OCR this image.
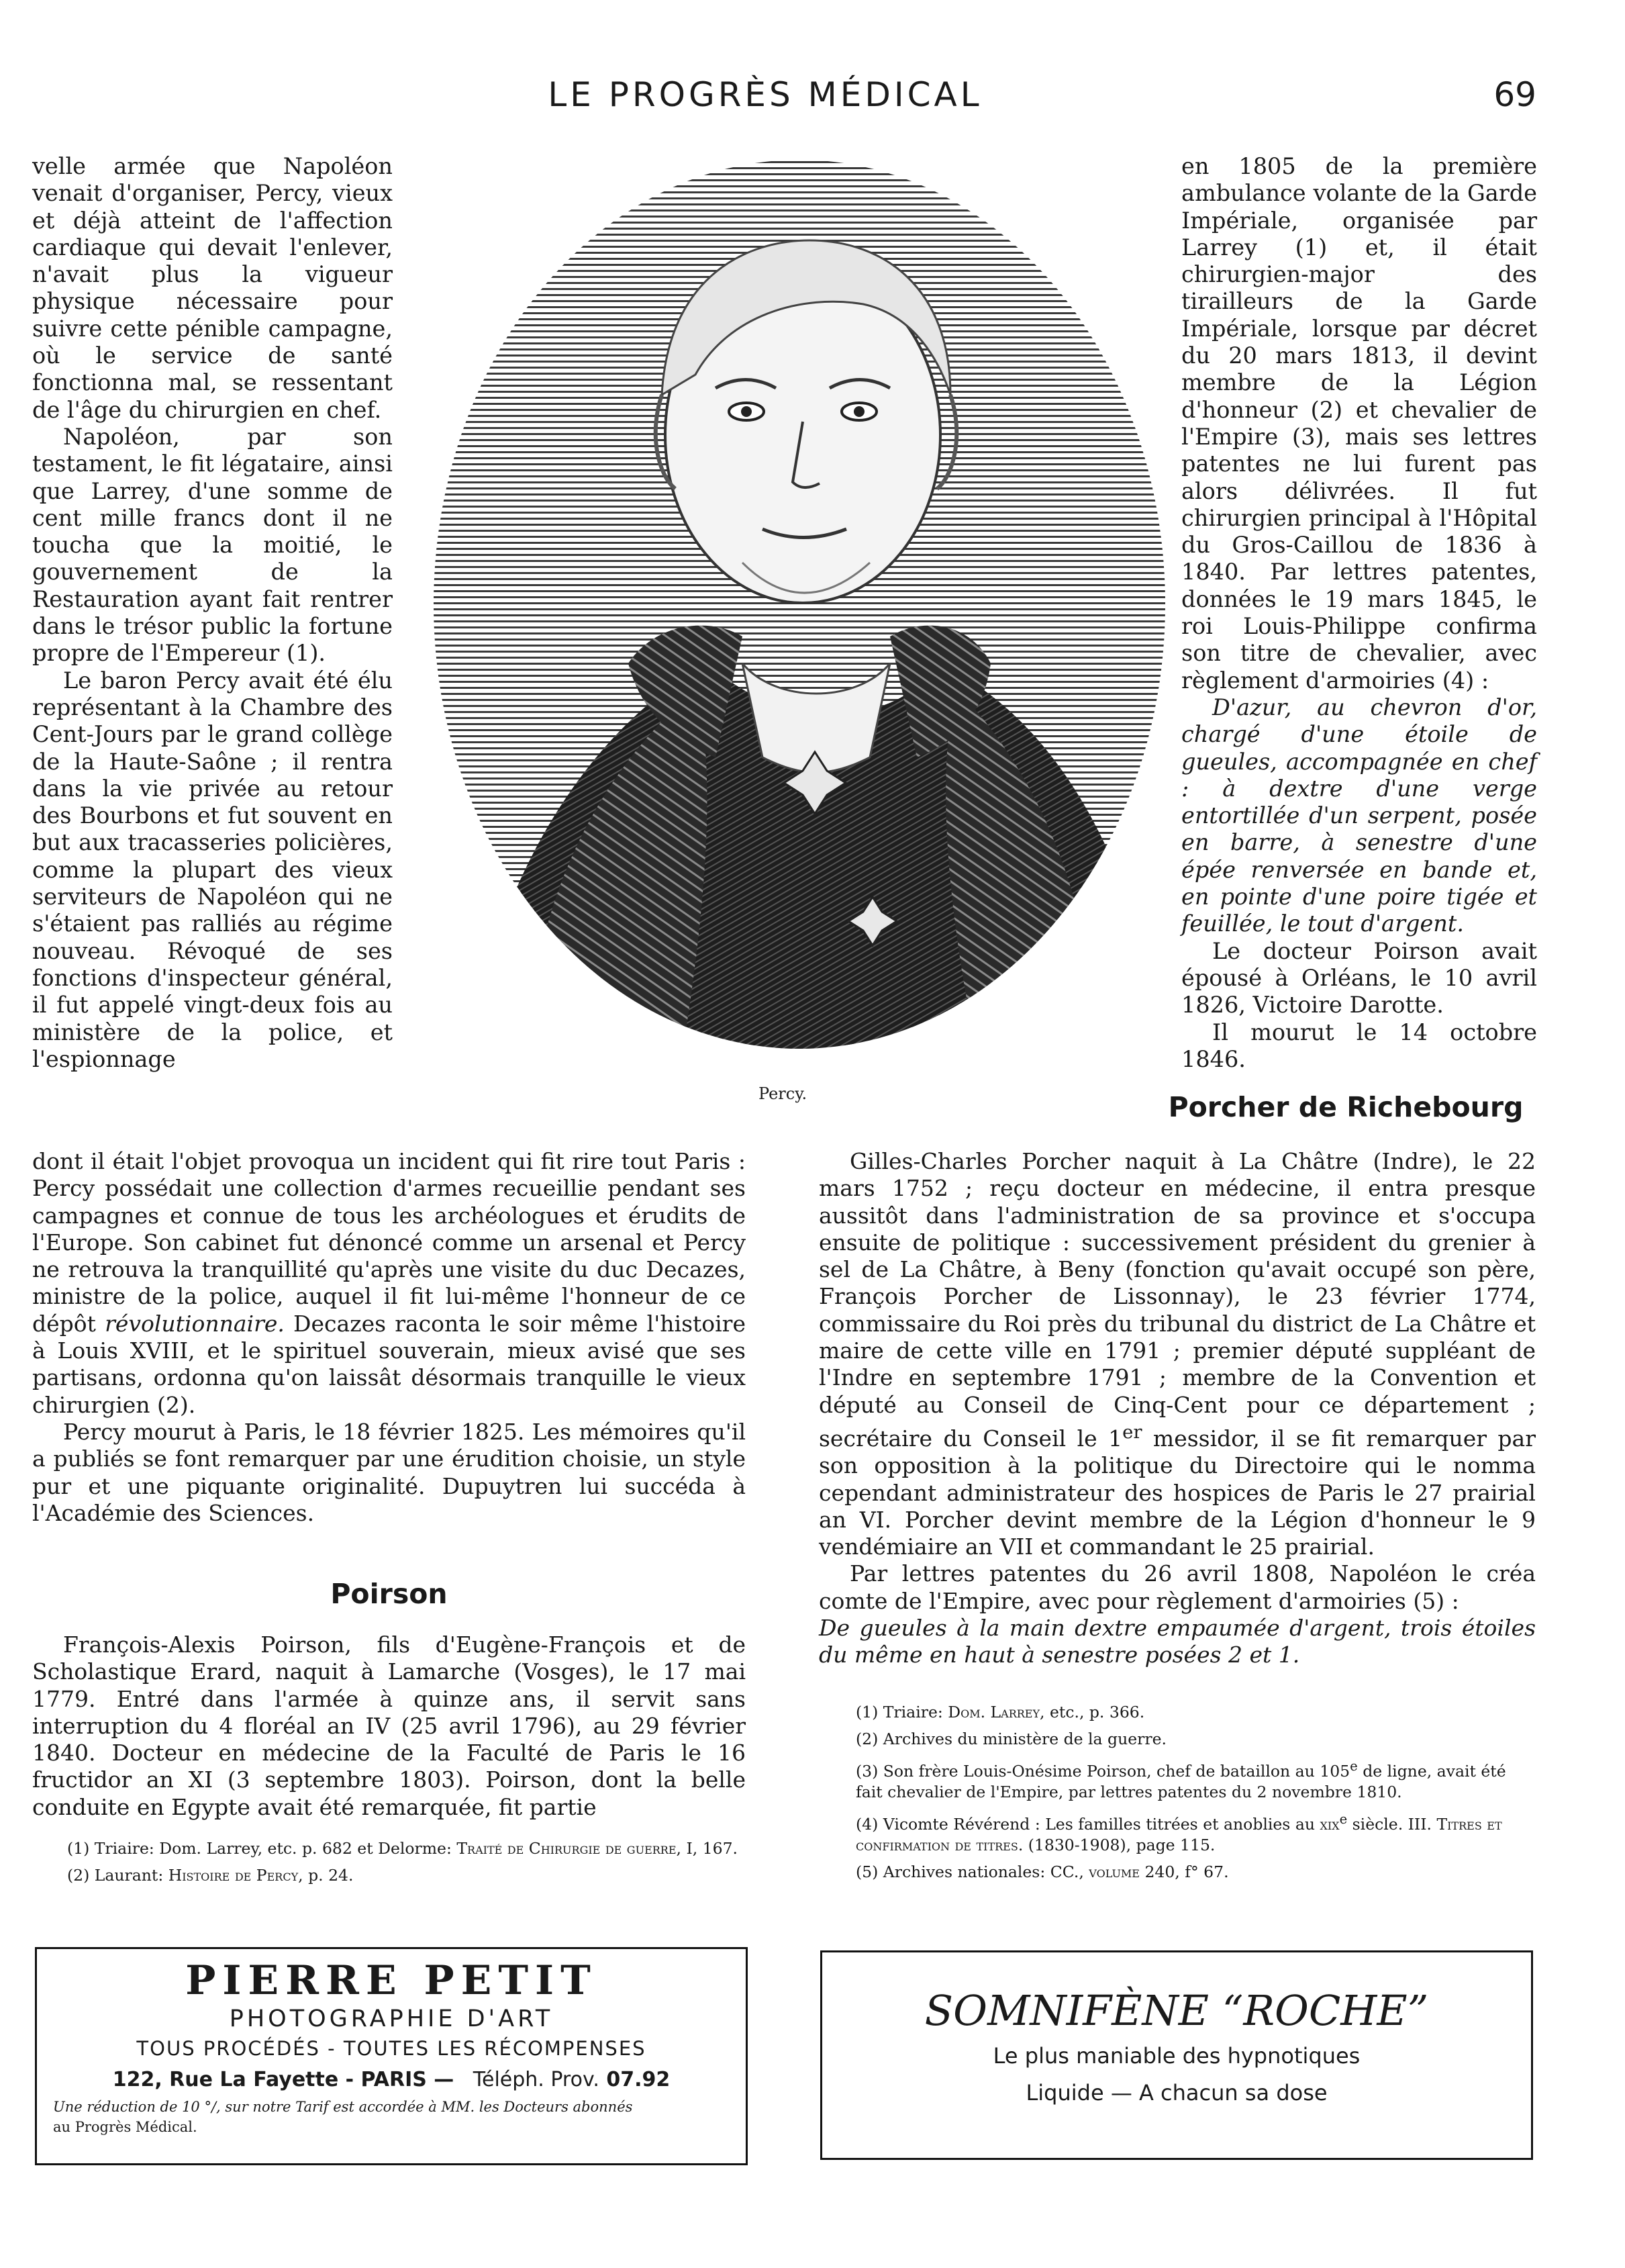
LE PROGRÈS MÉDICAL	69
Percy.

velle armée que Napoléon venait d'organiser, Percy, vieux et déjà atteint de l'affection cardiaque qui devait l'enlever, n'avait plus la vigueur physique nécessaire pour suivre cette pénible campagne, où le service de santé fonctionna mal, se ressentant de l'âge du chirurgien en chef.

Napoléon, par son testament, le fit légataire, ainsi que Larrey, d'une somme de cent mille francs dont il ne toucha que la moitié, le gouvernement de la Restauration ayant fait rentrer dans le trésor public la fortune propre de l'Empereur (1).

Le baron Percy avait été élu représentant à la Chambre des Cent-Jours par le grand collège de la Haute-Saône ; il rentra dans la vie privée au retour des Bourbons et fut souvent en but aux tracasseries policières, comme la plupart des vieux serviteurs de Napoléon qui ne s'étaient pas ralliés au régime nouveau. Révoqué de ses fonctions d'inspecteur général, il fut appelé vingt-deux fois au ministère de la police, et l'espionnage

dont il était l'objet provoqua un incident qui fit rire tout Paris : Percy possédait une collection d'armes recueillie pendant ses campagnes et connue de tous les archéologues et érudits de l'Europe. Son cabinet fut dénoncé comme un arsenal et Percy ne retrouva la tranquillité qu'après une visite du duc Decazes, ministre de la police, auquel il fit lui-même l'honneur de ce dépôt révolutionnaire. Decazes raconta le soir même l'histoire à Louis XVIII, et le spirituel souverain, mieux avisé que ses partisans, ordonna qu'on laissât désormais tranquille le vieux chirurgien (2).

Percy mourut à Paris, le 18 février 1825. Les mémoires qu'il a publiés se font remarquer par une érudition choisie, un style pur et une piquante originalité. Dupuytren lui succéda à l'Académie des Sciences.

Poirson

François-Alexis Poirson, fils d'Eugène-François et de Scholastique Erard, naquit à Lamarche (Vosges), le 17 mai 1779. Entré dans l'armée à quinze ans, il servit sans interruption du 4 floréal an IV (25 avril 1796), au 29 février 1840. Docteur en médecine de la Faculté de Paris le 16 fructidor an XI (3 septembre 1803). Poirson, dont la belle conduite en Egypte avait été remarquée, fit partie

(1) Triaire: Dom. Larrey, etc. p. 682 et Delorme: Traité de Chirurgie de guerre, I, 167.

(2) Laurant: Histoire de Percy, p. 24.

en 1805 de la première ambulance volante de la Garde Impériale, organisée par Larrey (1) et, il était chirurgien-major des tirailleurs de la Garde Impériale, lorsque par décret du 20 mars 1813, il devint membre de la Légion d'honneur (2) et chevalier de l'Empire (3), mais ses lettres patentes ne lui furent pas alors délivrées. Il fut chirurgien principal à l'Hôpital du Gros-Caillou de 1836 à 1840. Par lettres patentes, données le 19 mars 1845, le roi Louis-Philippe confirma son titre de chevalier, avec règlement d'armoiries (4) :

D'azur, au chevron d'or, chargé d'une étoile de gueules, accompagnée en chef : à dextre d'une verge entortillée d'un serpent, posée en barre, à senestre d'une épée renversée en bande et, en pointe d'une poire tigée et feuillée, le tout d'argent.

Le docteur Poirson avait épousé à Orléans, le 10 avril 1826, Victoire Darotte.

Il mourut le 14 octobre 1846.

Porcher de Richebourg

Gilles-Charles Porcher naquit à La Châtre (Indre), le 22 mars 1752 ; reçu docteur en médecine, il entra presque aussitôt dans l'administration de sa province et s'occupa ensuite de politique : successivement président du grenier à sel de La Châtre, à Beny (fonction qu'avait occupé son père, François Porcher de Lissonnay), le 23 février 1774, commissaire du Roi près du tribunal du district de La Châtre et maire de cette ville en 1791 ; premier député suppléant de l'Indre en septembre 1791 ; membre de la Convention et député au Conseil de Cinq-Cent pour ce département ; secrétaire du Conseil le 1er messidor, il se fit remarquer par son opposition à la politique du Directoire qui le nomma cependant administrateur des hospices de Paris le 27 prairial an VI. Porcher devint membre de la Légion d'honneur le 9 vendémiaire an VII et commandant le 25 prairial.

Par lettres patentes du 26 avril 1808, Napoléon le créa comte de l'Empire, avec pour règlement d'armoiries (5) :

De gueules à la main dextre empaumée d'argent, trois étoiles du même en haut à senestre posées 2 et 1.

(1) Triaire: Dom. Larrey, etc., p. 366.

(2) Archives du ministère de la guerre.

(3) Son frère Louis-Onésime Poirson, chef de bataillon au 105e de ligne, avait été fait chevalier de l'Empire, par lettres patentes du 2 novembre 1810.

(4) Vicomte Révérend : Les familles titrées et anoblies au xix$^e$ siècle. III. Titres et confirmation de titres. (1830-1908), page 115.

(5) Archives nationales: CC., volume 240, f° 67.

PIERRE PETIT
PHOTOGRAPHIE D'ART
TOUS PROCÉDÉS - TOUTES LES RÉCOMPENSES
122, Rue La Fayette - PARIS — Téléph. Prov. 07.92
Une réduction de 10 °/, sur notre Tarif est accordée à MM. les Docteurs abonnés
au Progrès Médical.
SOMNIFÈNE “ROCHE”
Le plus maniable des hypnotiques
Liquide — A chacun sa dose
